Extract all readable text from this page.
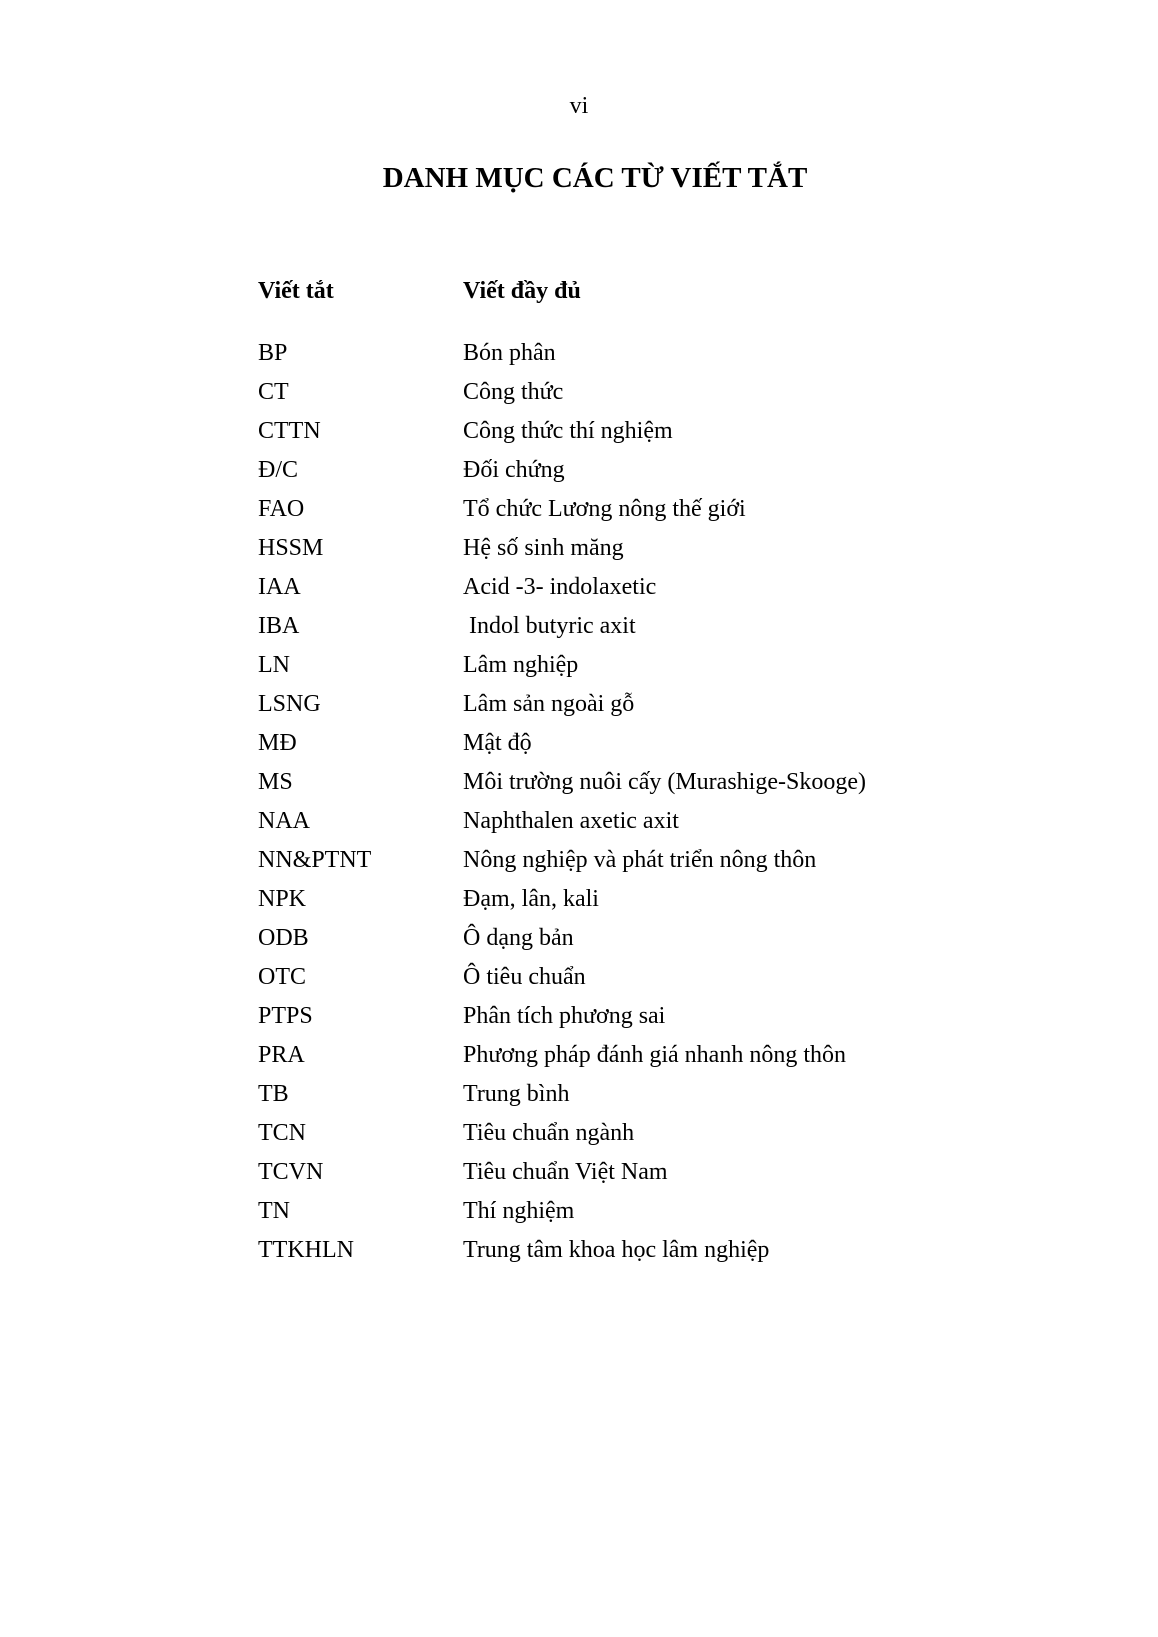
vi
DANH MỤC CÁC TỪ VIẾT TẮT
Viết tắt	Viết đầy đủ
BP	Bón phân
CT	Công thức
CTTN	Công thức thí nghiệm
Đ/C	Đối chứng
FAO	Tổ chức Lương nông thế giới
HSSM	Hệ số sinh măng
IAA	Acid -3- indolaxetic
IBA	Indol butyric axit
LN	Lâm nghiệp
LSNG	Lâm sản ngoài gỗ
MĐ	Mật độ
MS	Môi trường nuôi cấy (Murashige-Skooge)
NAA	Naphthalen axetic axit
NN&PTNT	Nông nghiệp và phát triển nông thôn
NPK	Đạm, lân, kali
ODB	Ô dạng bản
OTC	Ô tiêu chuẩn
PTPS	Phân tích phương sai
PRA	Phương pháp đánh giá nhanh nông thôn
TB	Trung bình
TCN	Tiêu chuẩn ngành
TCVN	Tiêu chuẩn Việt Nam
TN	Thí nghiệm
TTKHLN	Trung tâm khoa học lâm nghiệp
